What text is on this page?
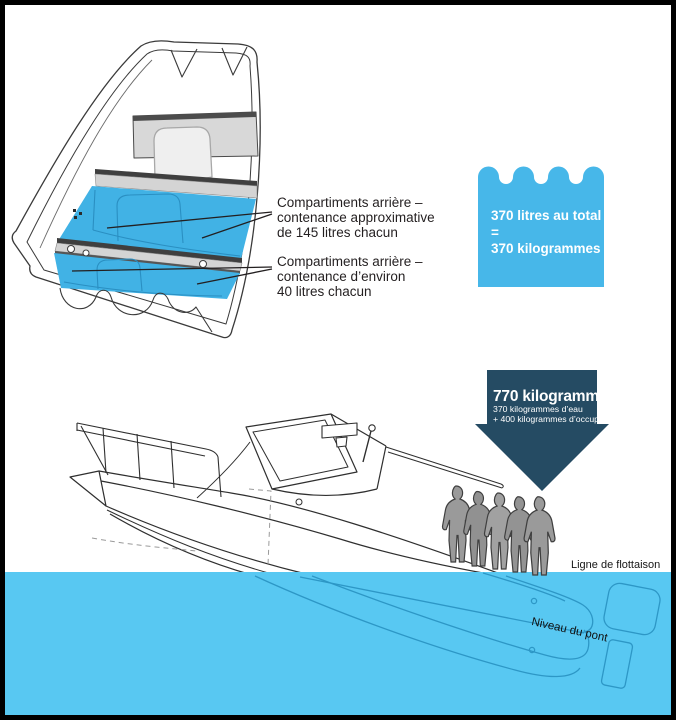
Compartiments arrière –
contenance approximative
de 145 litres chacun
Compartiments arrière –
contenance d’environ
40 litres chacun
370 litres au total
=
370 kilogrammes
770 kilogrammes
370 kilogrammes d’eau
+ 400 kilogrammes d’occupants
Ligne de flottaison
Niveau du pont
